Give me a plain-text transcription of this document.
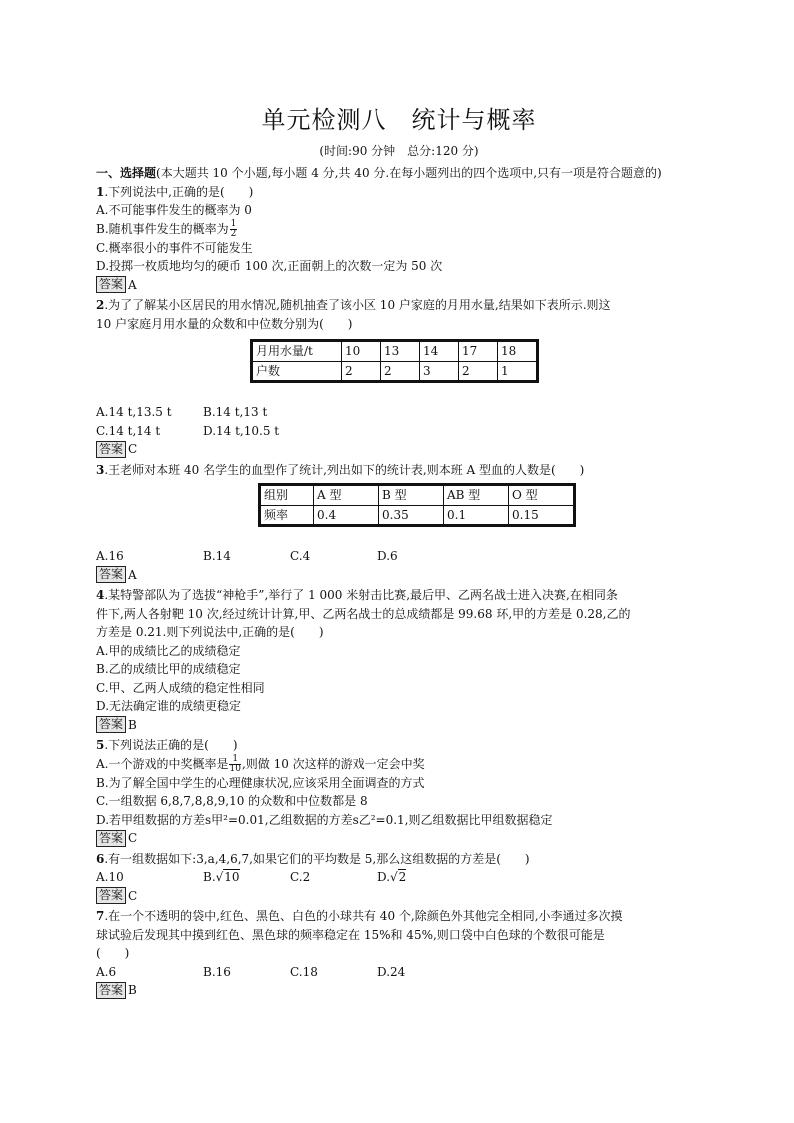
单元检测八　统计与概率
(时间:90 分钟　总分:120 分)

一、选择题(本大题共 10 个小题,每小题 4 分,共 40 分.在每小题列出的四个选项中,只有一项是符合题意的)

1.下列说法中,正确的是(　　)

A.不可能事件发生的概率为 0

B.随机事件发生的概率为 $\frac{1}{2}$

C.概率很小的事件不可能发生

D.投掷一枚质地均匀的硬币 100 次,正面朝上的次数一定为 50 次

答案 A

2.为了了解某小区居民的用水情况,随机抽查了该小区 10 户家庭的月用水量,结果如下表所示.则这

10 户家庭月用水量的众数和中位数分别为(　　)

月用水量/t	10	13	14	17	18
户数	2	2	3	2	1

A.14 t,13.5 t	B.14 t,13 t

C.14 t,14 t	D.14 t,10.5 t

答案 C

3.王老师对本班 40 名学生的血型作了统计,列出如下的统计表,则本班 A 型血的人数是(　　)

组别	A 型	B 型	AB 型	O 型
频率	0.4	0.35	0.1	0.15

A.16	B.14	C.4	D.6

答案 A

4.某特警部队为了选拔“神枪手”,举行了 1 000 米射击比赛,最后甲、乙两名战士进入决赛,在相同条

件下,两人各射靶 10 次,经过统计计算,甲、乙两名战士的总成绩都是 99.68 环,甲的方差是 0.28,乙的

方差是 0.21.则下列说法中,正确的是(　　)

A.甲的成绩比乙的成绩稳定

B.乙的成绩比甲的成绩稳定

C.甲、乙两人成绩的稳定性相同

D.无法确定谁的成绩更稳定

答案 B

5.下列说法正确的是(　　)

A.一个游戏的中奖概率是 $\frac{1}{10}$ ,则做 10 次这样的游戏一定会中奖

B.为了解全国中学生的心理健康状况,应该采用全面调查的方式

C.一组数据 6,8,7,8,8,9,10 的众数和中位数都是 8

D.若甲组数据的方差s甲²=0.01,乙组数据的方差s乙²=0.1,则乙组数据比甲组数据稳定

答案 C

6.有一组数据如下:3,a,4,6,7,如果它们的平均数是 5,那么这组数据的方差是(　　)

A.10	B.√10	C.2	D.√2

答案 C

7.在一个不透明的袋中,红色、黑色、白色的小球共有 40 个,除颜色外其他完全相同,小李通过多次摸

球试验后发现其中摸到红色、黑色球的频率稳定在 15%和 45%,则口袋中白色球的个数很可能是

(　　)

A.6	B.16	C.18	D.24

答案 B
